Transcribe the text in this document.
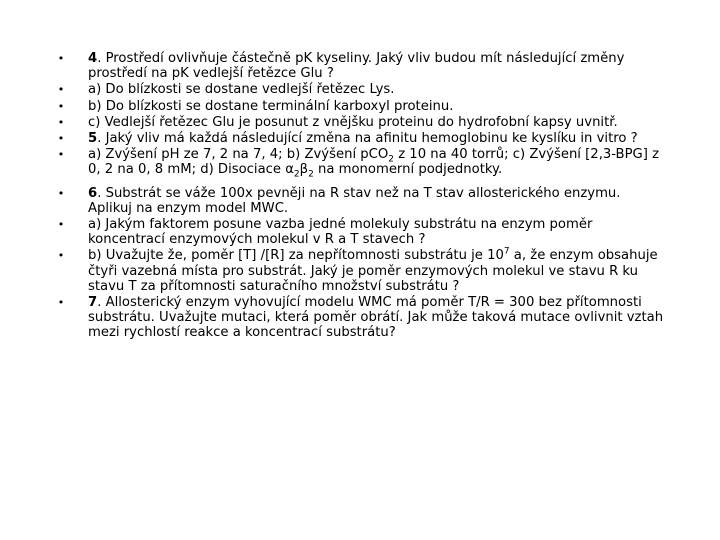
• 4. Prostředí ovlivňuje částečně pK kyseliny. Jaký vliv budou mít následující změny prostředí na pK vedlejší řetězce Glu ?
• a) Do blízkosti se dostane vedlejší řetězec Lys.
• b) Do blízkosti se dostane terminální karboxyl proteinu.
• c) Vedlejší řetězec Glu je posunut z vnějšku proteinu do hydrofobní kapsy uvnitř.
• 5. Jaký vliv má každá následující změna na afinitu hemoglobinu ke kyslíku in vitro ?
• a) Zvýšení pH ze 7, 2 na 7, 4; b) Zvýšení pCO$_2$ z 10 na 40 torrů; c) Zvýšení [2,3-BPG] z 0, 2 na 0, 8 mM; d) Disociace $\alpha_2\beta_2$ na monomerní podjednotky.
• 6. Substrát se váže 100x pevněji na R stav než na T stav allosterického enzymu. Aplikuj na enzym model MWC.
• a) Jakým faktorem posune vazba jedné molekuly substrátu na enzym poměr koncentrací enzymových molekul v R a T stavech ?
• b) Uvažujte že, poměr [T] /[R] za nepřítomnosti substrátu je $10^7$ a, že enzym obsahuje čtyři vazebná místa pro substrát. Jaký je poměr enzymových molekul ve stavu R ku stavu T za přítomnosti saturačního množství substrátu ?
• 7. Allosterický enzym vyhovující modelu WMC má poměr T/R = 300 bez přítomnosti substrátu. Uvažujte mutaci, která poměr obrátí. Jak může taková mutace ovlivnit vztah mezi rychlostí reakce a koncentrací substrátu?
